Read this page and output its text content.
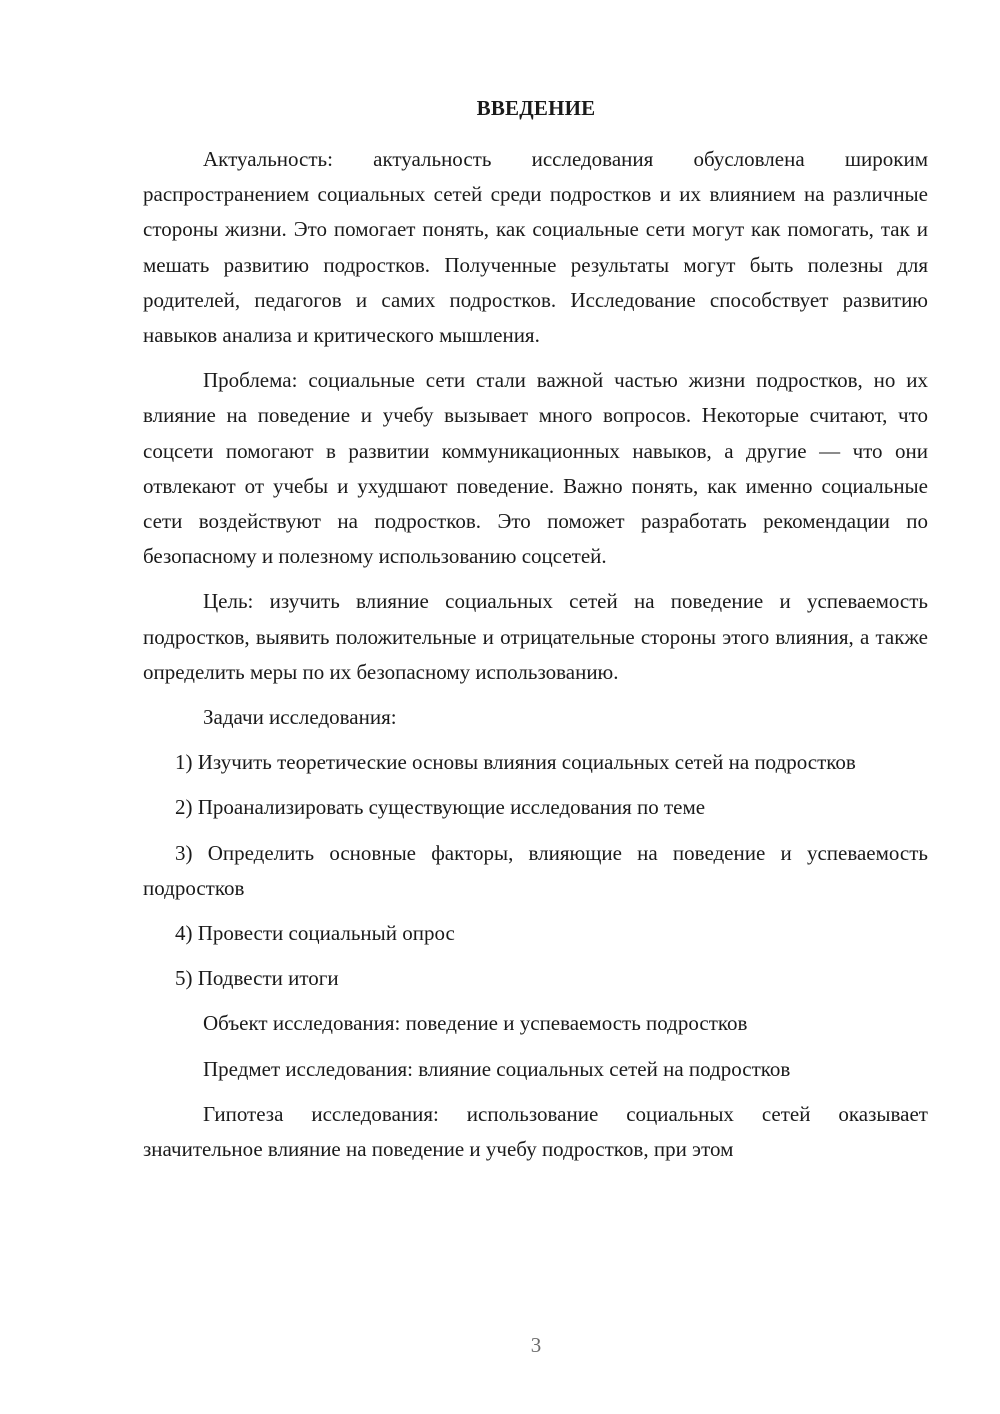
ВВЕДЕНИЕ

Актуальность: актуальность исследования обусловлена широким распространением социальных сетей среди подростков и их влиянием на различные стороны жизни. Это помогает понять, как социальные сети могут как помогать, так и мешать развитию подростков. Полученные результаты могут быть полезны для родителей, педагогов и самих подростков. Исследование способствует развитию навыков анализа и критического мышления.

Проблема: социальные сети стали важной частью жизни подростков, но их влияние на поведение и учебу вызывает много вопросов. Некоторые считают, что соцсети помогают в развитии коммуникационных навыков, а другие — что они отвлекают от учебы и ухудшают поведение. Важно понять, как именно социальные сети воздействуют на подростков. Это поможет разработать рекомендации по безопасному и полезному использованию соцсетей.

Цель: изучить влияние социальных сетей на поведение и успеваемость подростков, выявить положительные и отрицательные стороны этого влияния, а также определить меры по их безопасному использованию.

Задачи исследования:

1) Изучить теоретические основы влияния социальных сетей на подростков

2) Проанализировать существующие исследования по теме

3) Определить основные факторы, влияющие на поведение и успеваемость подростков

4) Провести социальный опрос

5) Подвести итоги

Объект исследования: поведение и успеваемость подростков

Предмет исследования: влияние социальных сетей на подростков

Гипотеза исследования: использование социальных сетей оказывает значительное влияние на поведение и учебу подростков, при этом

3
